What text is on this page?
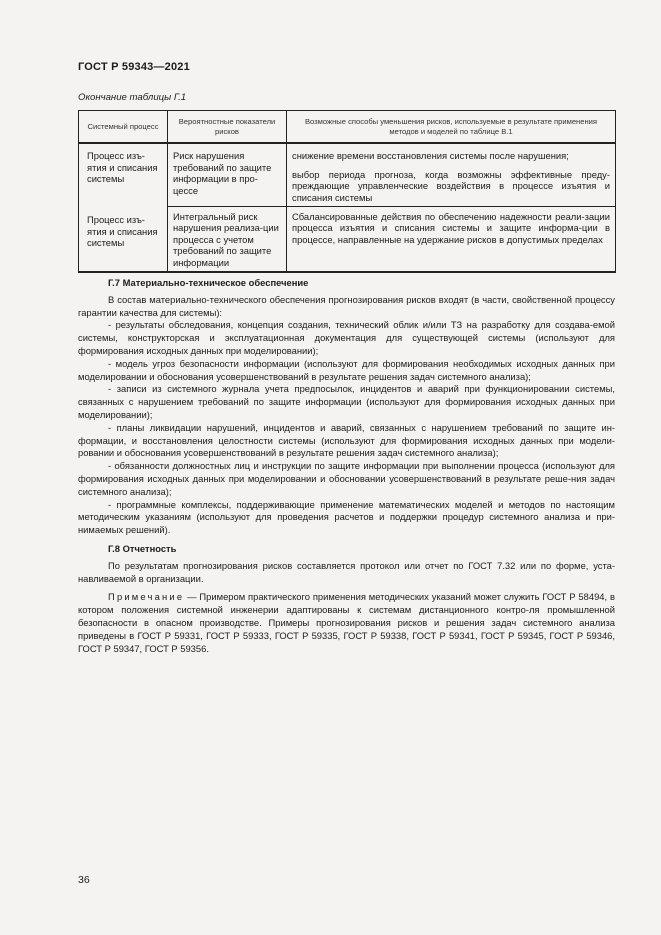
ГОСТ Р 59343—2021
Окончание таблицы Г.1
Системный процесс	Вероятностные показатели рисков	Возможные способы уменьшения рисков, используемые в результате применения методов и моделей по таблице В.1
Процесс изъ-ятия и списания системы	Риск нарушения требований по защите информации в про-цессе	снижение времени восстановления системы после нарушения;
выбор периода прогноза, когда возможны эффективные преду-преждающие управленческие воздействия в процессе изъятия и списания системы

Процесс изъ-ятия и списания системы	Интегральный риск нарушения реализа-ции процесса с учетом требований по защите информации	Сбалансированные действия по обеспечению надежности реали-зации процесса изъятия и списания системы и защите информа-ции в процессе, направленные на удержание рисков в допустимых пределах

Г.7 Материально-техническое обеспечение

В состав материально-технического обеспечения прогнозирования рисков входят (в части, свойственной процессу гарантии качества для системы):

- результаты обследования, концепция создания, технический облик и/или ТЗ на разработку для создава-емой системы, конструкторская и эксплуатационная документация для существующей системы (используют для формирования исходных данных при моделировании);

- модель угроз безопасности информации (используют для формирования необходимых исходных данных при моделировании и обоснования усовершенствований в результате решения задач системного анализа);

- записи из системного журнала учета предпосылок, инцидентов и аварий при функционировании системы, связанных с нарушением требований по защите информации (используют для формирования исходных данных при моделировании);

- планы ликвидации нарушений, инцидентов и аварий, связанных с нарушением требований по защите ин-формации, и восстановления целостности системы (используют для формирования исходных данных при модели-ровании и обоснования усовершенствований в результате решения задач системного анализа);

- обязанности должностных лиц и инструкции по защите информации при выполнении процесса (используют для формирования исходных данных при моделировании и обосновании усовершенствований в результате реше-ния задач системного анализа);

- программные комплексы, поддерживающие применение математических моделей и методов по настоящим методическим указаниям (используют для проведения расчетов и поддержки процедур системного анализа и при-нимаемых решений).

Г.8 Отчетность

По результатам прогнозирования рисков составляется протокол или отчет по ГОСТ 7.32 или по форме, уста-навливаемой в организации.

Примечание — Примером практического применения методических указаний может служить ГОСТ Р 58494, в котором положения системной инженерии адаптированы к системам дистанционного контро-ля промышленной безопасности в опасном производстве. Примеры прогнозирования рисков и решения задач системного анализа приведены в ГОСТ Р 59331, ГОСТ Р 59333, ГОСТ Р 59335, ГОСТ Р 59338, ГОСТ Р 59341, ГОСТ Р 59345, ГОСТ Р 59346, ГОСТ Р 59347, ГОСТ Р 59356.

36
